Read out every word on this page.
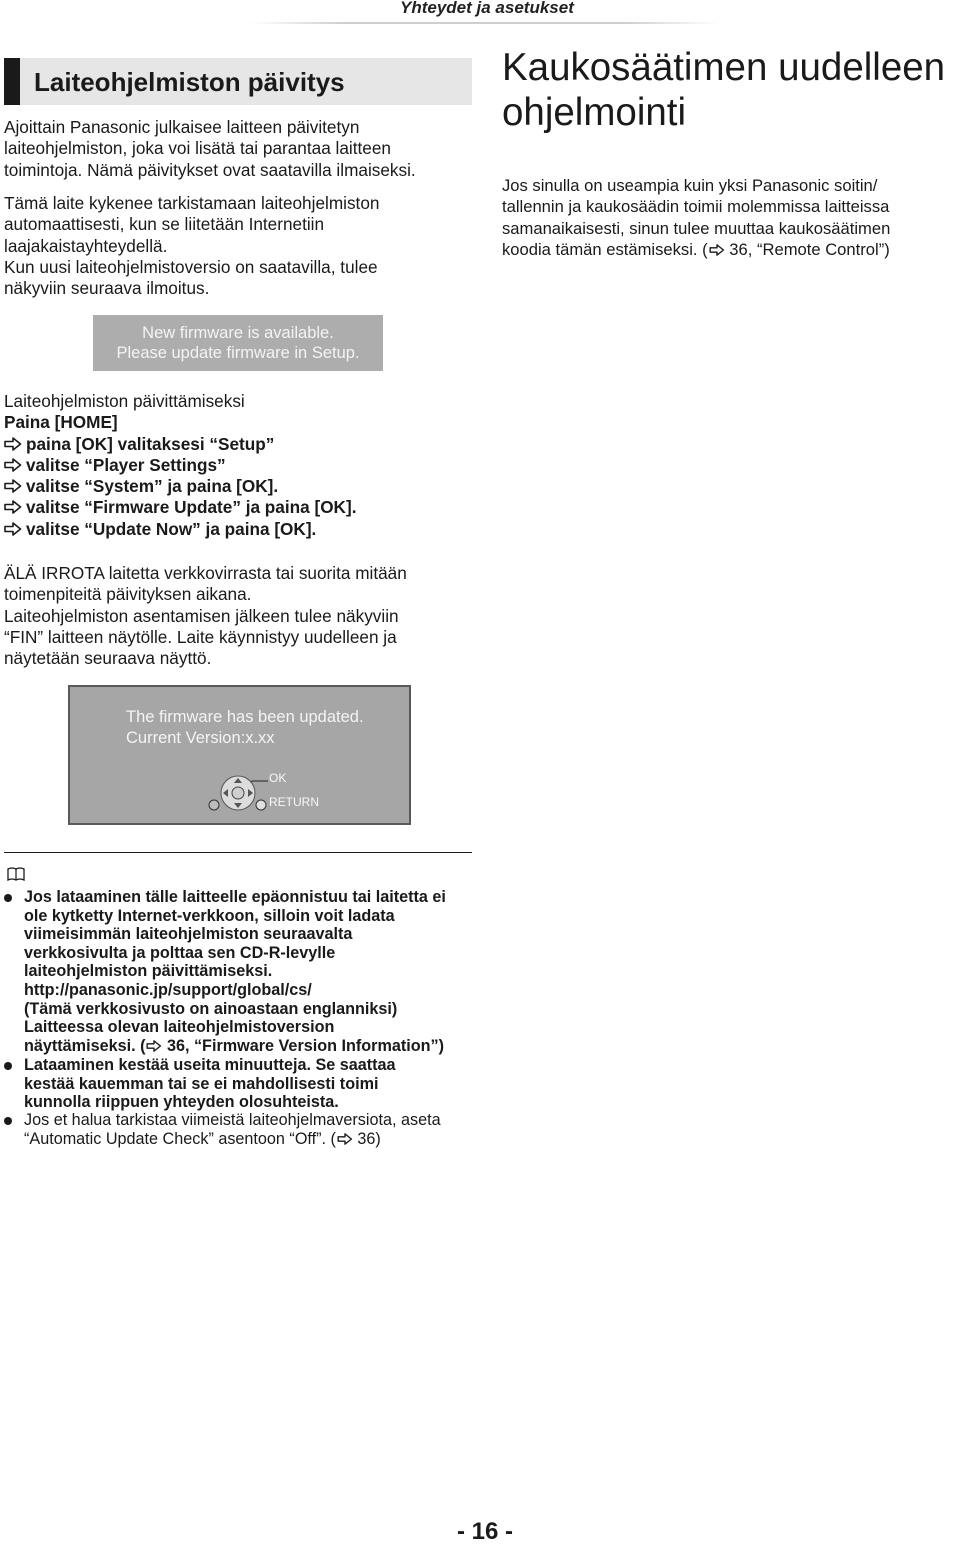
Yhteydet ja asetukset
Laiteohjelmiston päivitys
Ajoittain Panasonic julkaisee laitteen päivitetyn
laiteohjelmiston, joka voi lisätä tai parantaa laitteen
toimintoja. Nämä päivitykset ovat saatavilla ilmaiseksi.
Tämä laite kykenee tarkistamaan laiteohjelmiston
automaattisesti, kun se liitetään Internetiin
laajakaistayhteydellä.
Kun uusi laiteohjelmistoversio on saatavilla, tulee
näkyviin seuraava ilmoitus.
New firmware is available.
Please update firmware in Setup.
Laiteohjelmiston päivittämiseksi
Paina [HOME]
paina [OK] valitaksesi “Setup”
valitse “Player Settings”
valitse “System” ja paina [OK].
valitse “Firmware Update” ja paina [OK].
valitse “Update Now” ja paina [OK].
ÄLÄ IRROTA laitetta verkkovirrasta tai suorita mitään
toimenpiteitä päivityksen aikana.
Laiteohjelmiston asentamisen jälkeen tulee näkyviin
“FIN” laitteen näytölle. Laite käynnistyy uudelleen ja
näytetään seuraava näyttö.
The firmware has been updated.
Current Version:x.xx
OK
RETURN
Jos lataaminen tälle laitteelle epäonnistuu tai laitetta ei
ole kytketty Internet-verkkoon, silloin voit ladata
viimeisimmän laiteohjelmiston seuraavalta
verkkosivulta ja polttaa sen CD-R-levylle
laiteohjelmiston päivittämiseksi.
http://panasonic.jp/support/global/cs/
(Tämä verkkosivusto on ainoastaan englanniksi)
Laitteessa olevan laiteohjelmistoversion
näyttämiseksi. ( 36, “Firmware Version Information”)
Lataaminen kestää useita minuutteja. Se saattaa
kestää kauemman tai se ei mahdollisesti toimi
kunnolla riippuen yhteyden olosuhteista.
Jos et halua tarkistaa viimeistä laiteohjelmaversiota, aseta
“Automatic Update Check” asentoon “Off”. ( 36)
Kaukosäätimen uudelleen
ohjelmointi
Jos sinulla on useampia kuin yksi Panasonic soitin/
tallennin ja kaukosäädin toimii molemmissa laitteissa
samanaikaisesti, sinun tulee muuttaa kaukosäätimen
koodia tämän estämiseksi. ( 36, “Remote Control”)
- 16 -
